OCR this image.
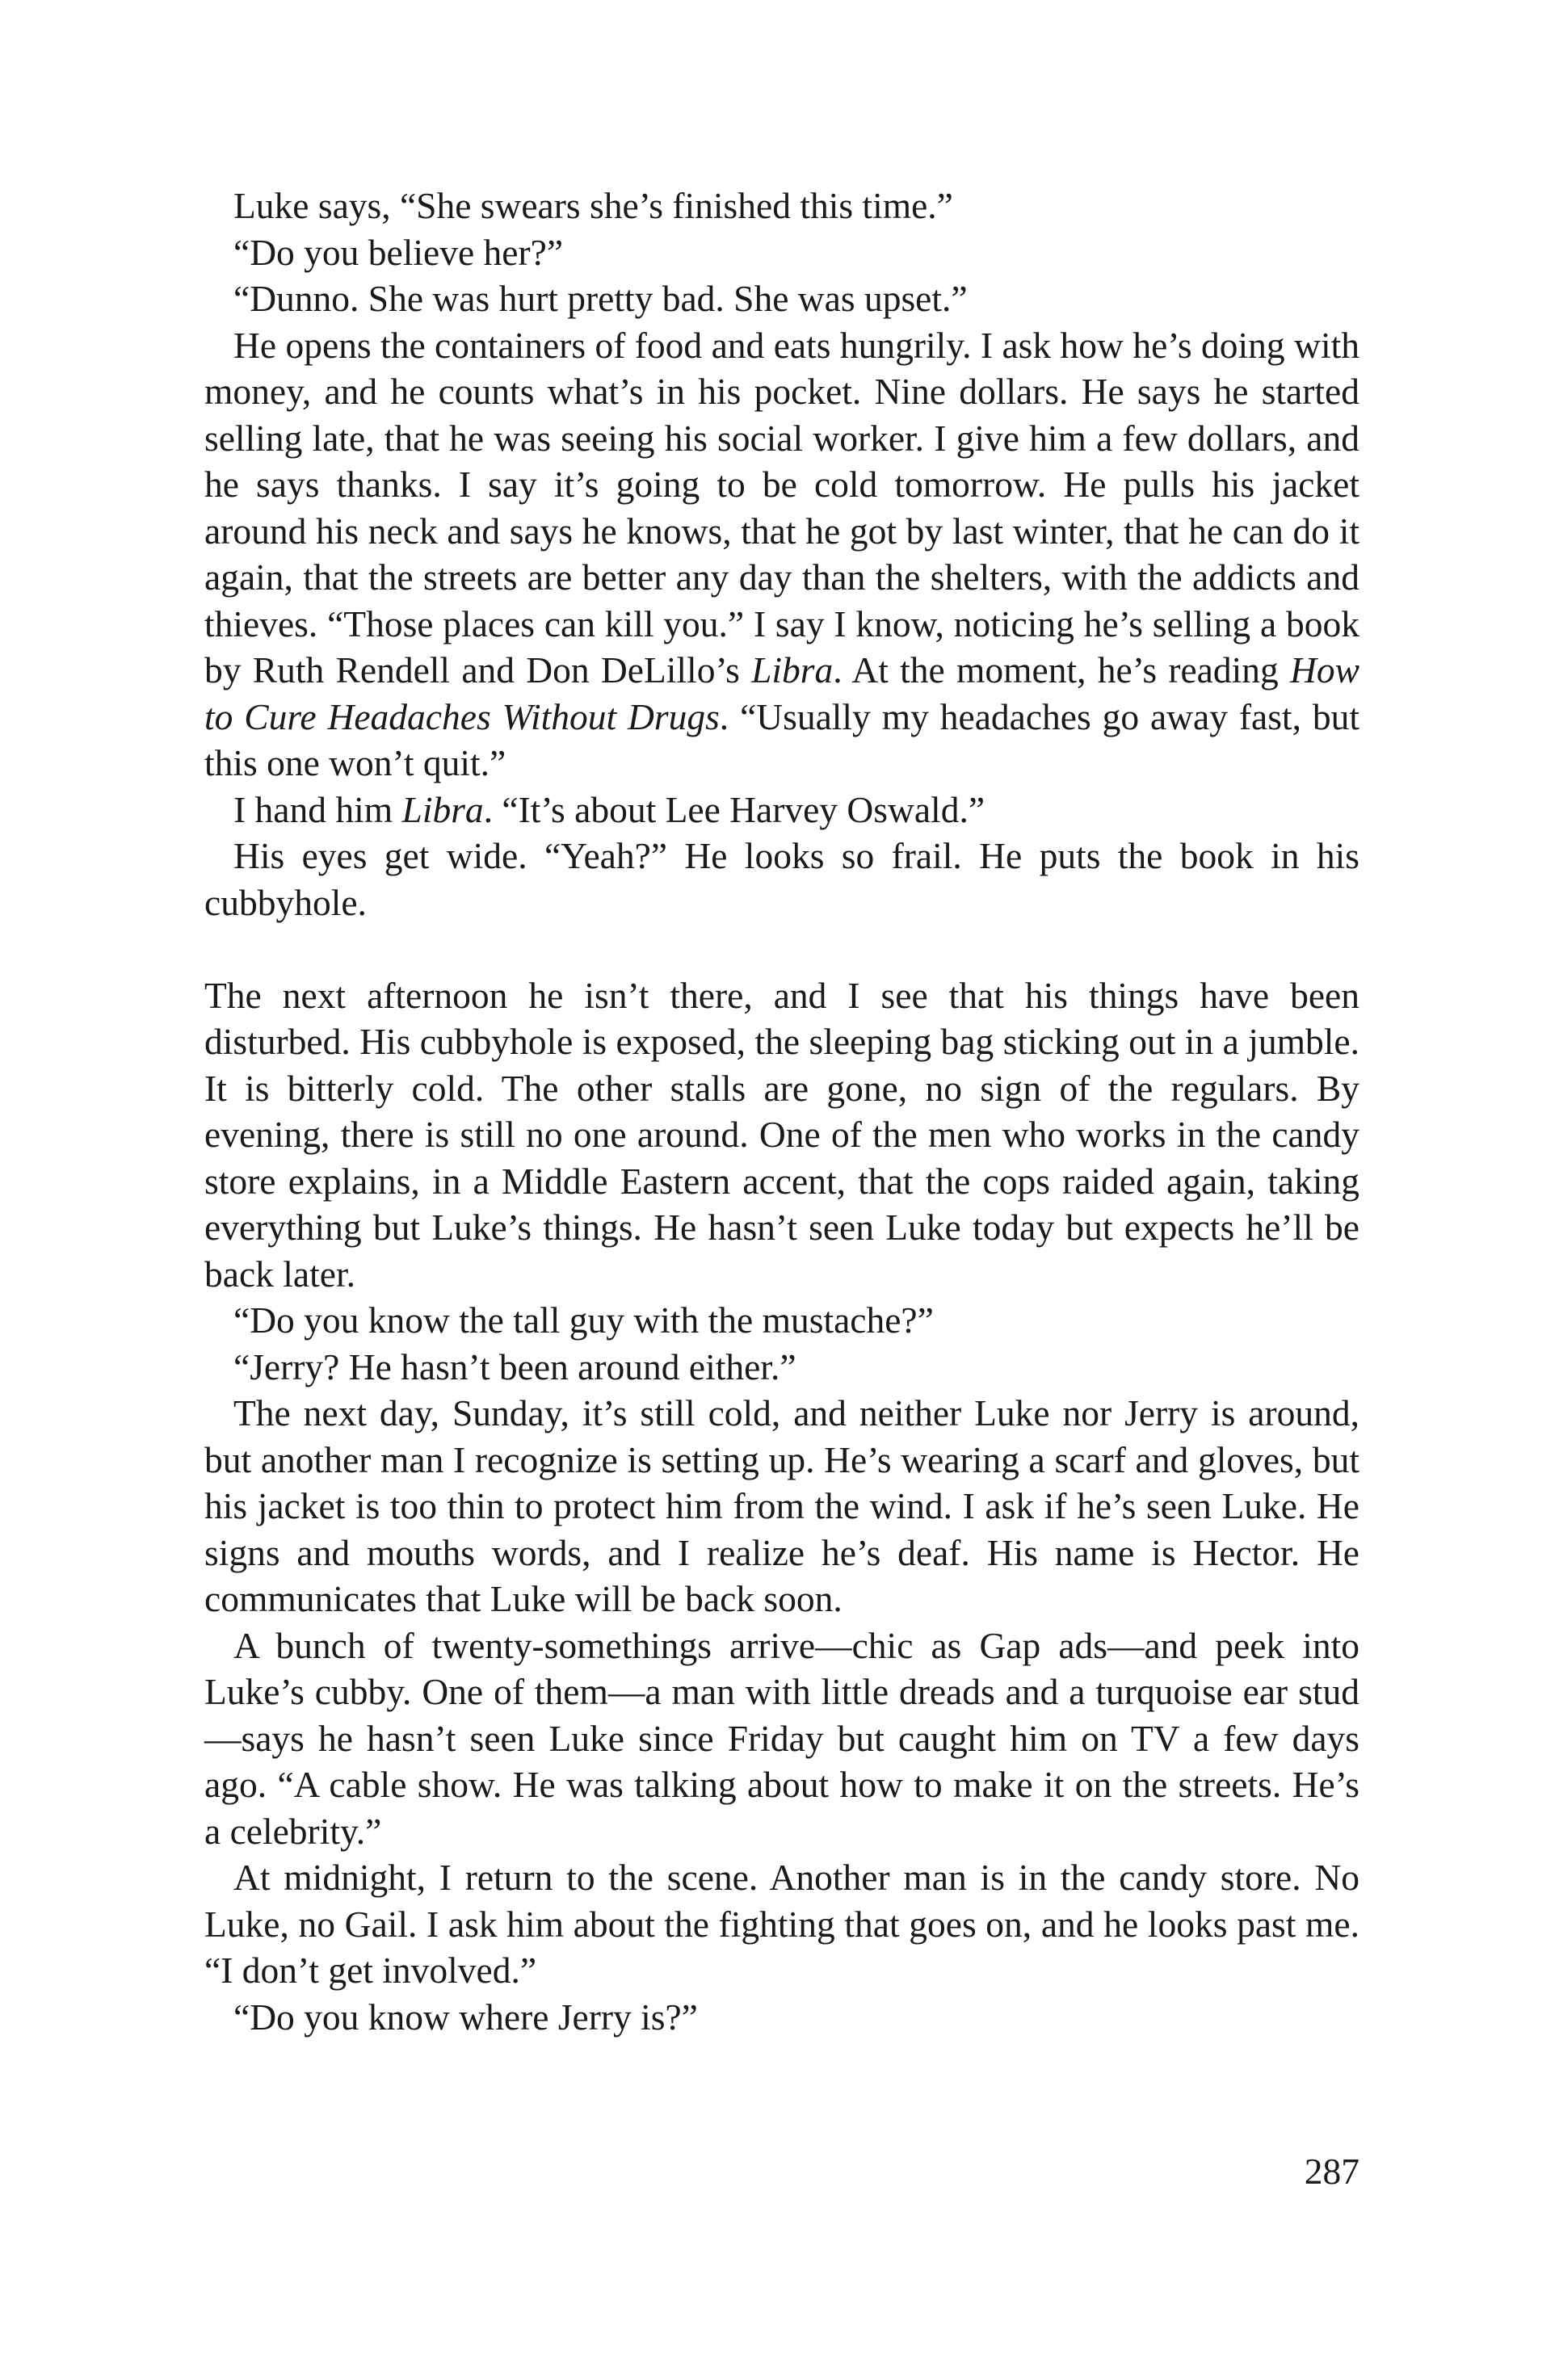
Luke says, “She swears she’s finished this time.”

“Do you believe her?”

“Dunno. She was hurt pretty bad. She was upset.”

He opens the containers of food and eats hungrily. I ask how he’s doing with money, and he counts what’s in his pocket. Nine dollars. He says he started selling late, that he was seeing his social worker. I give him a few dollars, and he says thanks. I say it’s going to be cold tomorrow. He pulls his jacket around his neck and says he knows, that he got by last winter, that he can do it again, that the streets are better any day than the shelters, with the addicts and thieves. “Those places can kill you.” I say I know, noticing he’s selling a book by Ruth Rendell and Don DeLillo’s Libra. At the moment, he’s reading How to Cure Headaches Without Drugs. “Usually my headaches go away fast, but this one won’t quit.”

I hand him Libra. “It’s about Lee Harvey Oswald.”

His eyes get wide. “Yeah?” He looks so frail. He puts the book in his cubbyhole.

The next afternoon he isn’t there, and I see that his things have been disturbed. His cubbyhole is exposed, the sleeping bag sticking out in a jumble. It is bitterly cold. The other stalls are gone, no sign of the regulars. By evening, there is still no one around. One of the men who works in the candy store explains, in a Middle Eastern accent, that the cops raided again, taking everything but Luke’s things. He hasn’t seen Luke today but expects he’ll be back later.

“Do you know the tall guy with the mustache?”

“Jerry? He hasn’t been around either.”

The next day, Sunday, it’s still cold, and neither Luke nor Jerry is around, but another man I recognize is setting up. He’s wearing a scarf and gloves, but his jacket is too thin to protect him from the wind. I ask if he’s seen Luke. He signs and mouths words, and I realize he’s deaf. His name is Hector. He communicates that Luke will be back soon.

A bunch of twenty-somethings arrive—chic as Gap ads—and peek into Luke’s cubby. One of them—a man with little dreads and a turquoise ear stud—says he hasn’t seen Luke since Friday but caught him on TV a few days ago. “A cable show. He was talking about how to make it on the streets. He’s a celebrity.”

At midnight, I return to the scene. Another man is in the candy store. No Luke, no Gail. I ask him about the fighting that goes on, and he looks past me. “I don’t get involved.”

“Do you know where Jerry is?”

287
